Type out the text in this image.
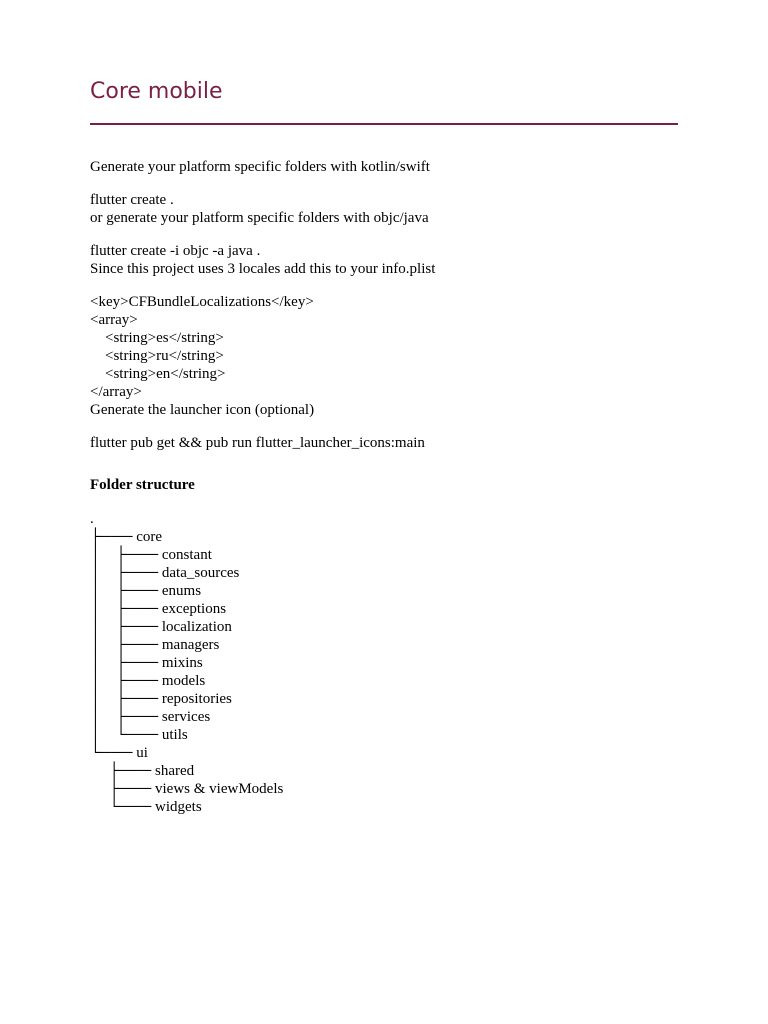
Core mobile
Generate your platform specific folders with kotlin/swift
flutter create .
or generate your platform specific folders with objc/java
flutter create -i objc -a java .
Since this project uses 3 locales add this to your info.plist
<key>CFBundleLocalizations</key>
<array>
<string>es</string>
<string>ru</string>
<string>en</string>
</array>
Generate the launcher icon (optional)
flutter pub get && pub run flutter_launcher_icons:main
Folder structure
.
├─── core
│    ├─── constant
│    ├─── data_sources
│    ├─── enums
│    ├─── exceptions
│    ├─── localization
│    ├─── managers
│    ├─── mixins
│    ├─── models
│    ├─── repositories
│    ├─── services
│    └─── utils
└─── ui
├─── shared
├─── views & viewModels
└─── widgets
